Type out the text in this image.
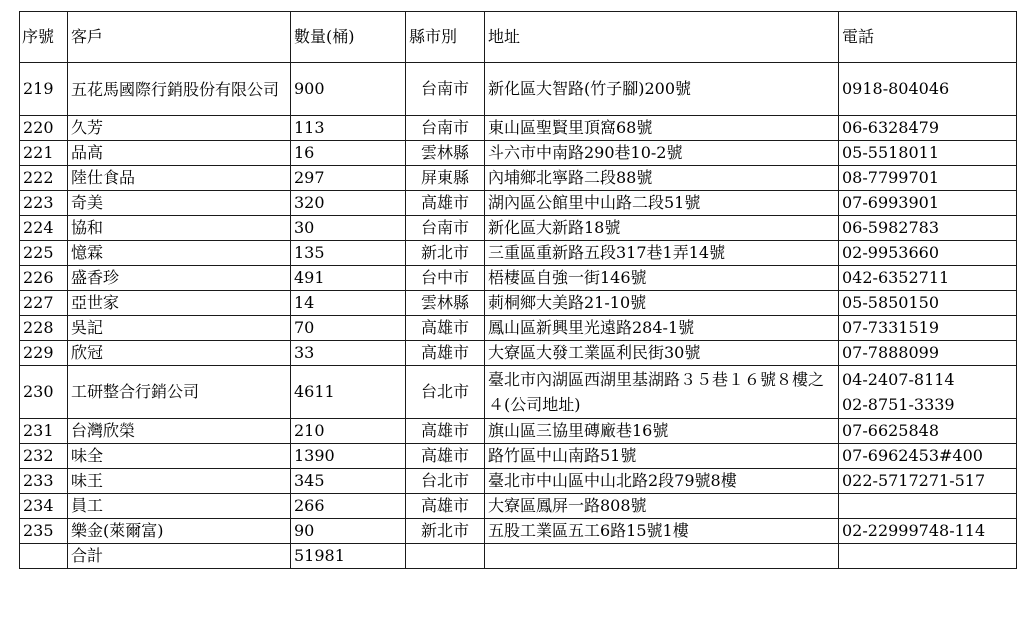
序號	客戶	數量(桶)	縣市別	地址	電話
219	五花馬國際行銷股份有限公司	900	台南市	新化區大智路(竹子腳)200號	0918-804046
220	久芳	113	台南市	東山區聖賢里頂窩68號	06-6328479
221	品高	16	雲林縣	斗六市中南路290巷10-2號	05-5518011
222	陸仕食品	297	屏東縣	內埔鄉北寧路二段88號	08-7799701
223	奇美	320	高雄市	湖內區公館里中山路二段51號	07-6993901
224	協和	30	台南市	新化區大新路18號	06-5982783
225	憶霖	135	新北市	三重區重新路五段317巷1弄14號	02-9953660
226	盛香珍	491	台中市	梧棲區自強一街146號	042-6352711
227	亞世家	14	雲林縣	莿桐鄉大美路21-10號	05-5850150
228	吳記	70	高雄市	鳳山區新興里光遠路284-1號	07-7331519
229	欣冠	33	高雄市	大寮區大發工業區利民街30號	07-7888099
230	工研整合行銷公司	4611	台北市	臺北市內湖區西湖里基湖路３５巷１６號８樓之４(公司地址)	04-2407-8114
02-8751-3339

231	台灣欣榮	210	高雄市	旗山區三協里磚廠巷16號	07-6625848
232	味全	1390	高雄市	路竹區中山南路51號	07-6962453#400
233	味王	345	台北市	臺北市中山區中山北路2段79號8樓	022-5717271-517
234	員工	266	高雄市	大寮區鳳屏一路808號	
235	樂金(萊爾富)	90	新北市	五股工業區五工6路15號1樓	02-22999748-114
	合計	51981			
